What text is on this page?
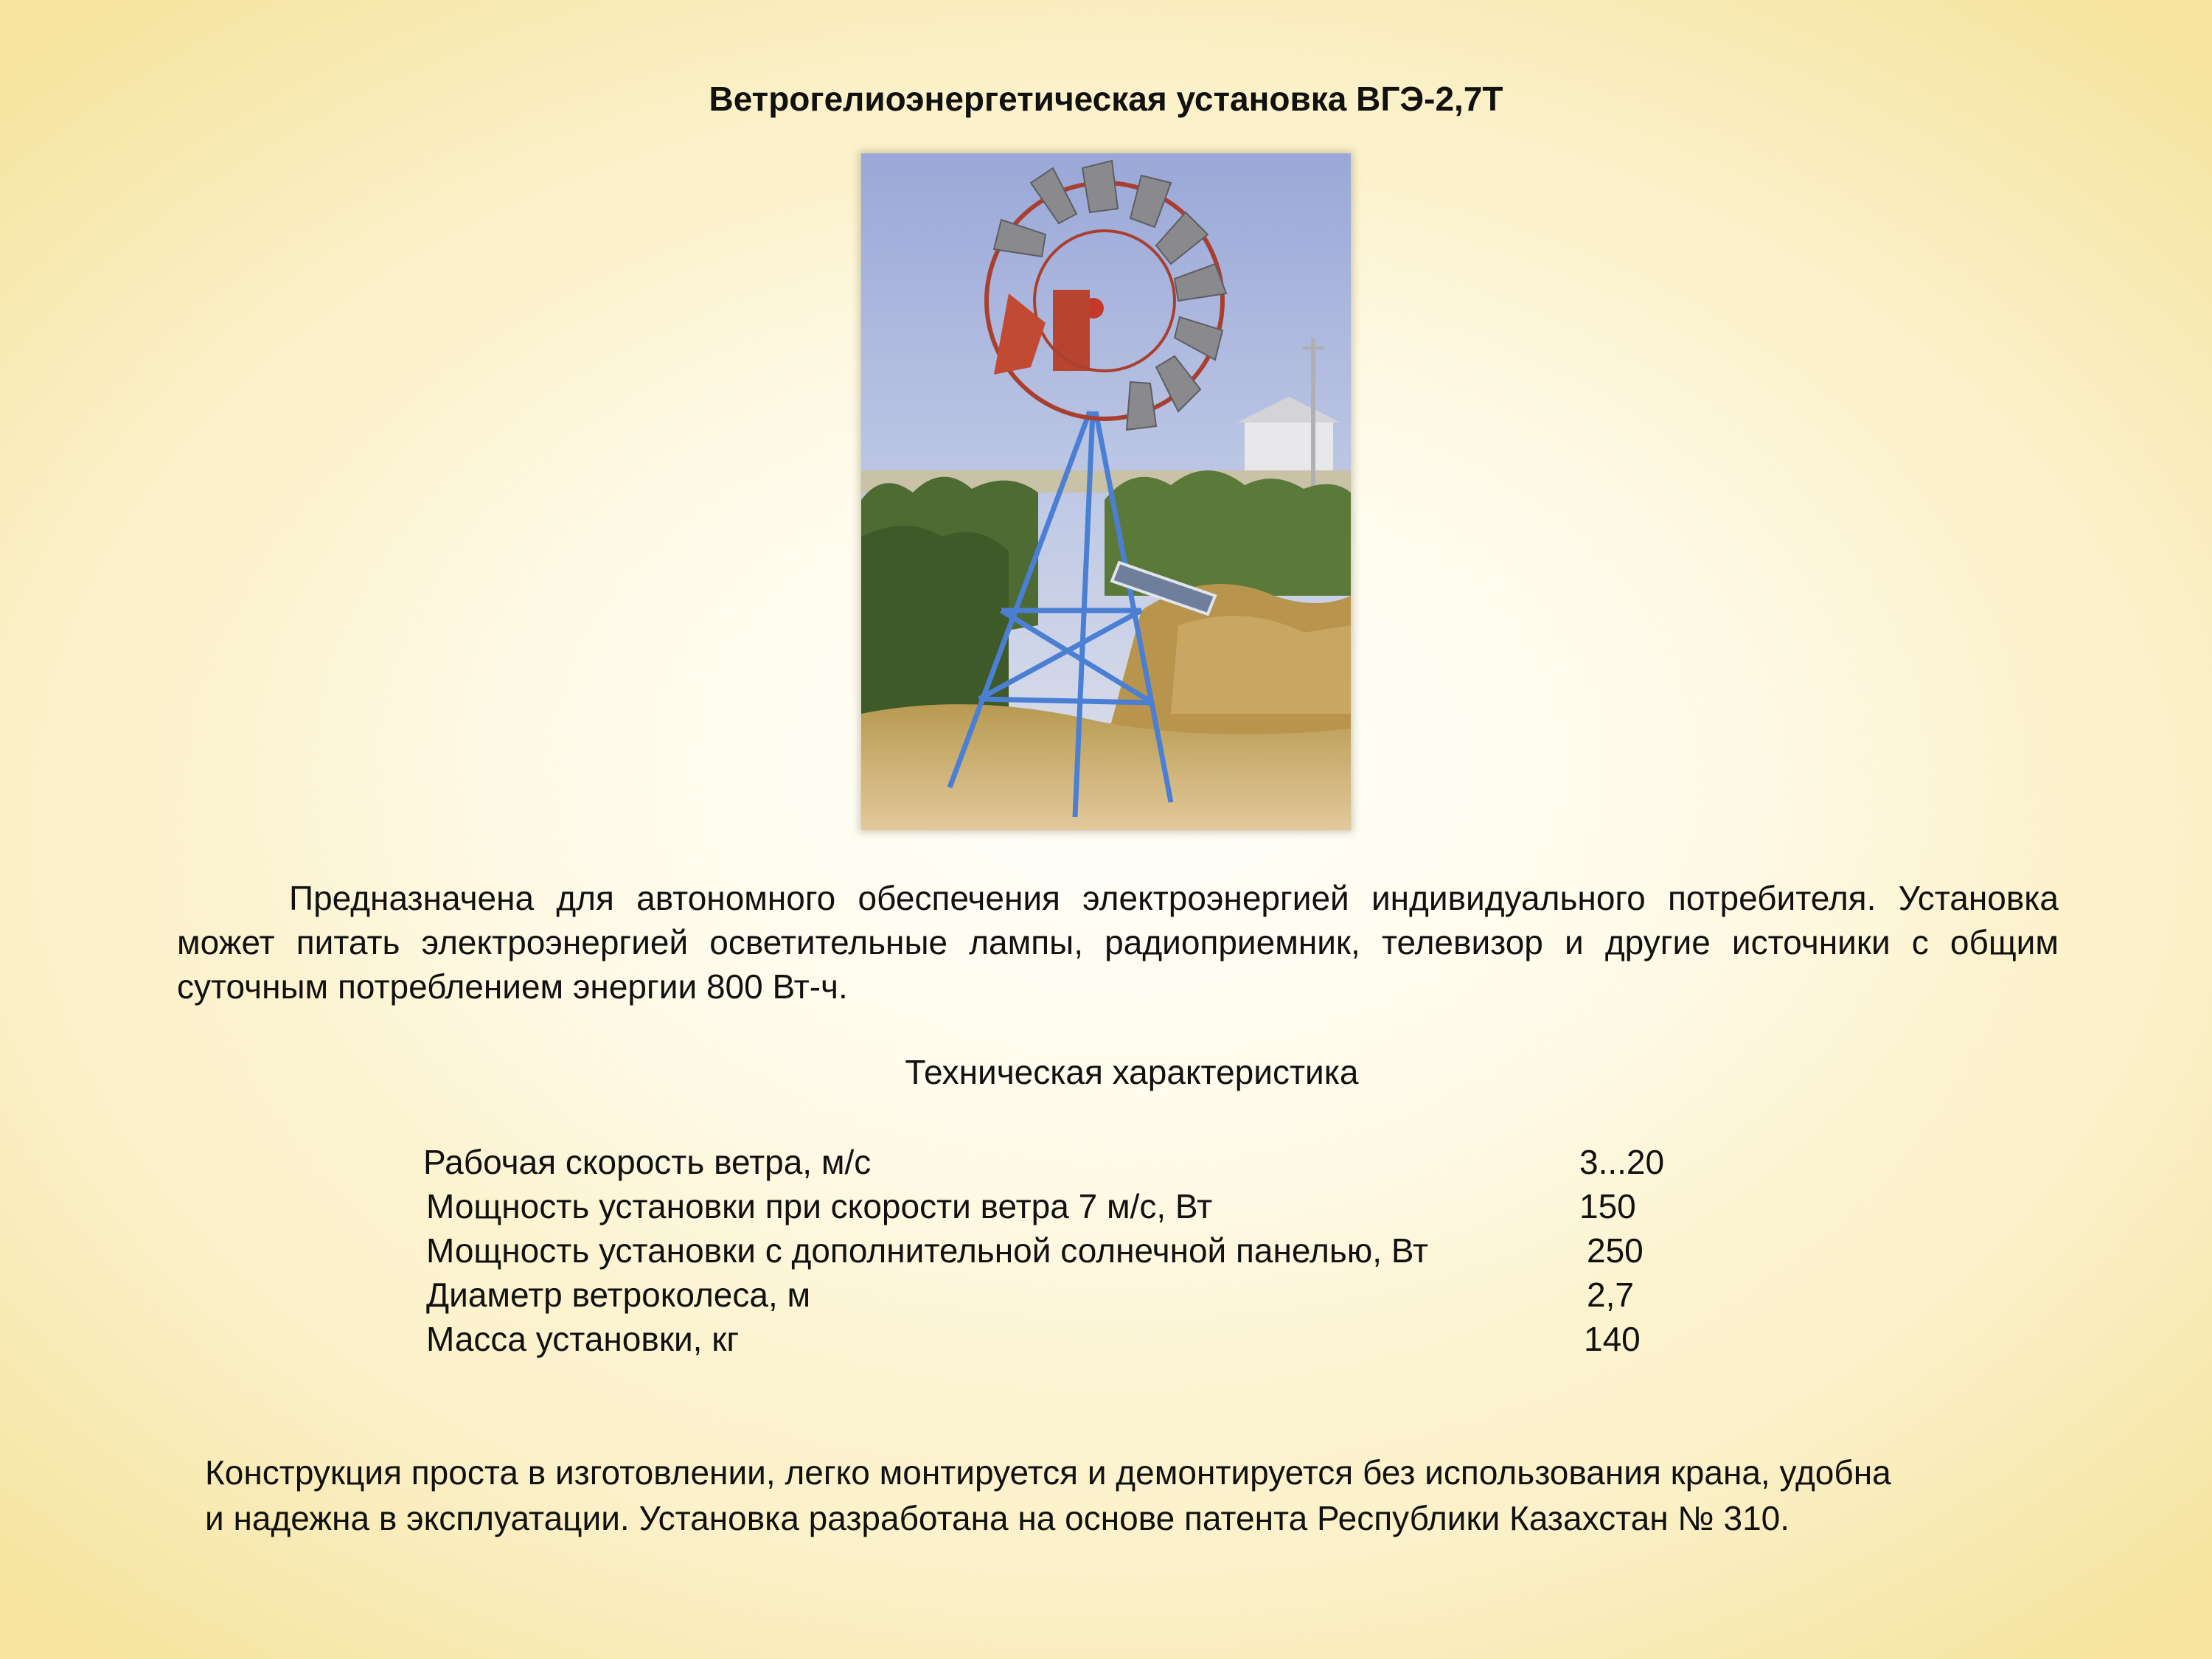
Ветрогелиоэнергетическая установка ВГЭ-2,7Т
Предназначена для автономного обеспечения электроэнергией индивидуального потребителя. Установка может питать электроэнергией осветительные лампы, радиоприемник, телевизор и другие источники с общим суточным потреблением энергии 800 Вт-ч.
Техническая характеристика
Рабочая скорость ветра, м/с	3...20
Мощность установки при скорости ветра 7 м/с, Вт	150
Мощность установки с дополнительной солнечной панелью, Вт	250
Диаметр ветроколеса, м	2,7
Масса установки, кг	140

Конструкция проста в изготовлении, легко монтируется и демонтируется без использования крана, удобна

и надежна в эксплуатации. Установка разработана на основе патента Республики Казахстан № 310.
